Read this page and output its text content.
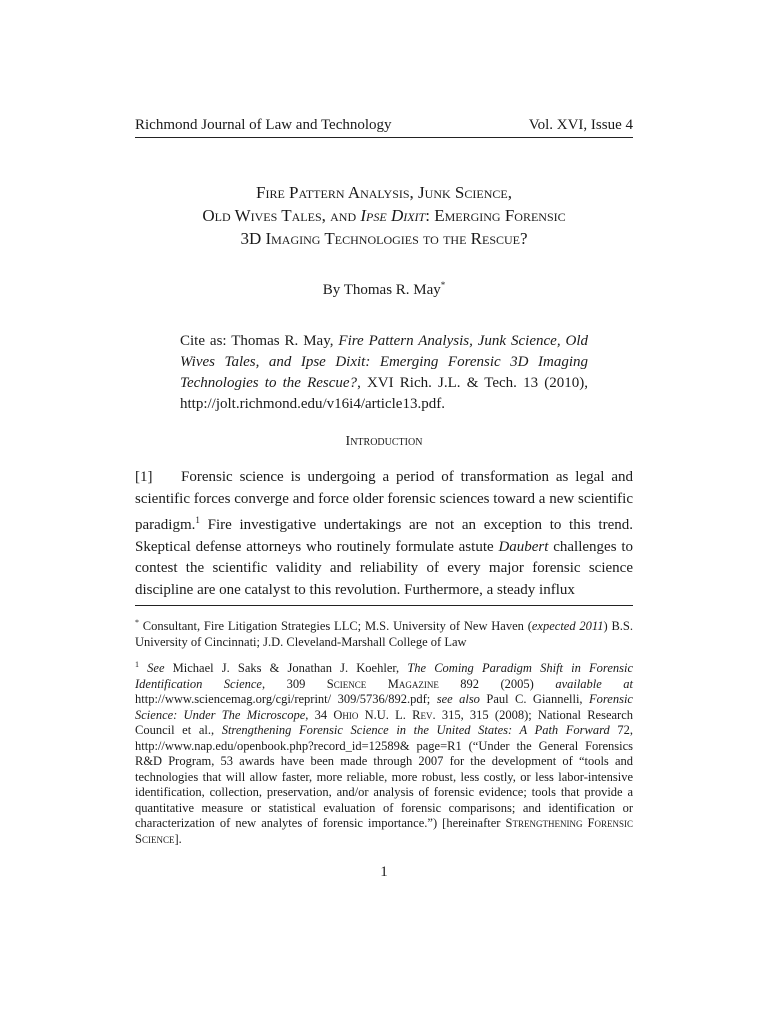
Richmond Journal of Law and Technology	Vol. XVI, Issue 4
Fire Pattern Analysis, Junk Science,
Old Wives Tales, and Ipse Dixit: Emerging Forensic
3D Imaging Technologies to the Rescue?
By Thomas R. May*
Cite as: Thomas R. May, Fire Pattern Analysis, Junk Science, Old Wives Tales, and Ipse Dixit: Emerging Forensic 3D Imaging Technologies to the Rescue?, XVI Rich. J.L. & Tech. 13 (2010), http://jolt.richmond.edu/v16i4/article13.pdf.
Introduction
[1] Forensic science is undergoing a period of transformation as legal and scientific forces converge and force older forensic sciences toward a new scientific paradigm.$^1$ Fire investigative undertakings are not an exception to this trend. Skeptical defense attorneys who routinely formulate astute Daubert challenges to contest the scientific validity and reliability of every major forensic science discipline are one catalyst to this revolution. Furthermore, a steady influx
* Consultant, Fire Litigation Strategies LLC; M.S. University of New Haven (expected 2011) B.S. University of Cincinnati; J.D. Cleveland-Marshall College of Law
$^1$ See Michael J. Saks & Jonathan J. Koehler, The Coming Paradigm Shift in Forensic Identification Science, 309 Science Magazine 892 (2005) available at http://www.sciencemag.org/cgi/reprint/ 309/5736/892.pdf; see also Paul C. Giannelli, Forensic Science: Under The Microscope, 34 Ohio N.U. L. Rev. 315, 315 (2008); National Research Council et al., Strengthening Forensic Science in the United States: A Path Forward 72, http://www.nap.edu/openbook.php?record_id=12589& page=R1 (“Under the General Forensics R&D Program, 53 awards have been made through 2007 for the development of “tools and technologies that will allow faster, more reliable, more robust, less costly, or less labor-intensive identification, collection, preservation, and/or analysis of forensic evidence; tools that provide a quantitative measure or statistical evaluation of forensic comparisons; and identification or characterization of new analytes of forensic importance.”) [hereinafter Strengthening Forensic Science].
1
